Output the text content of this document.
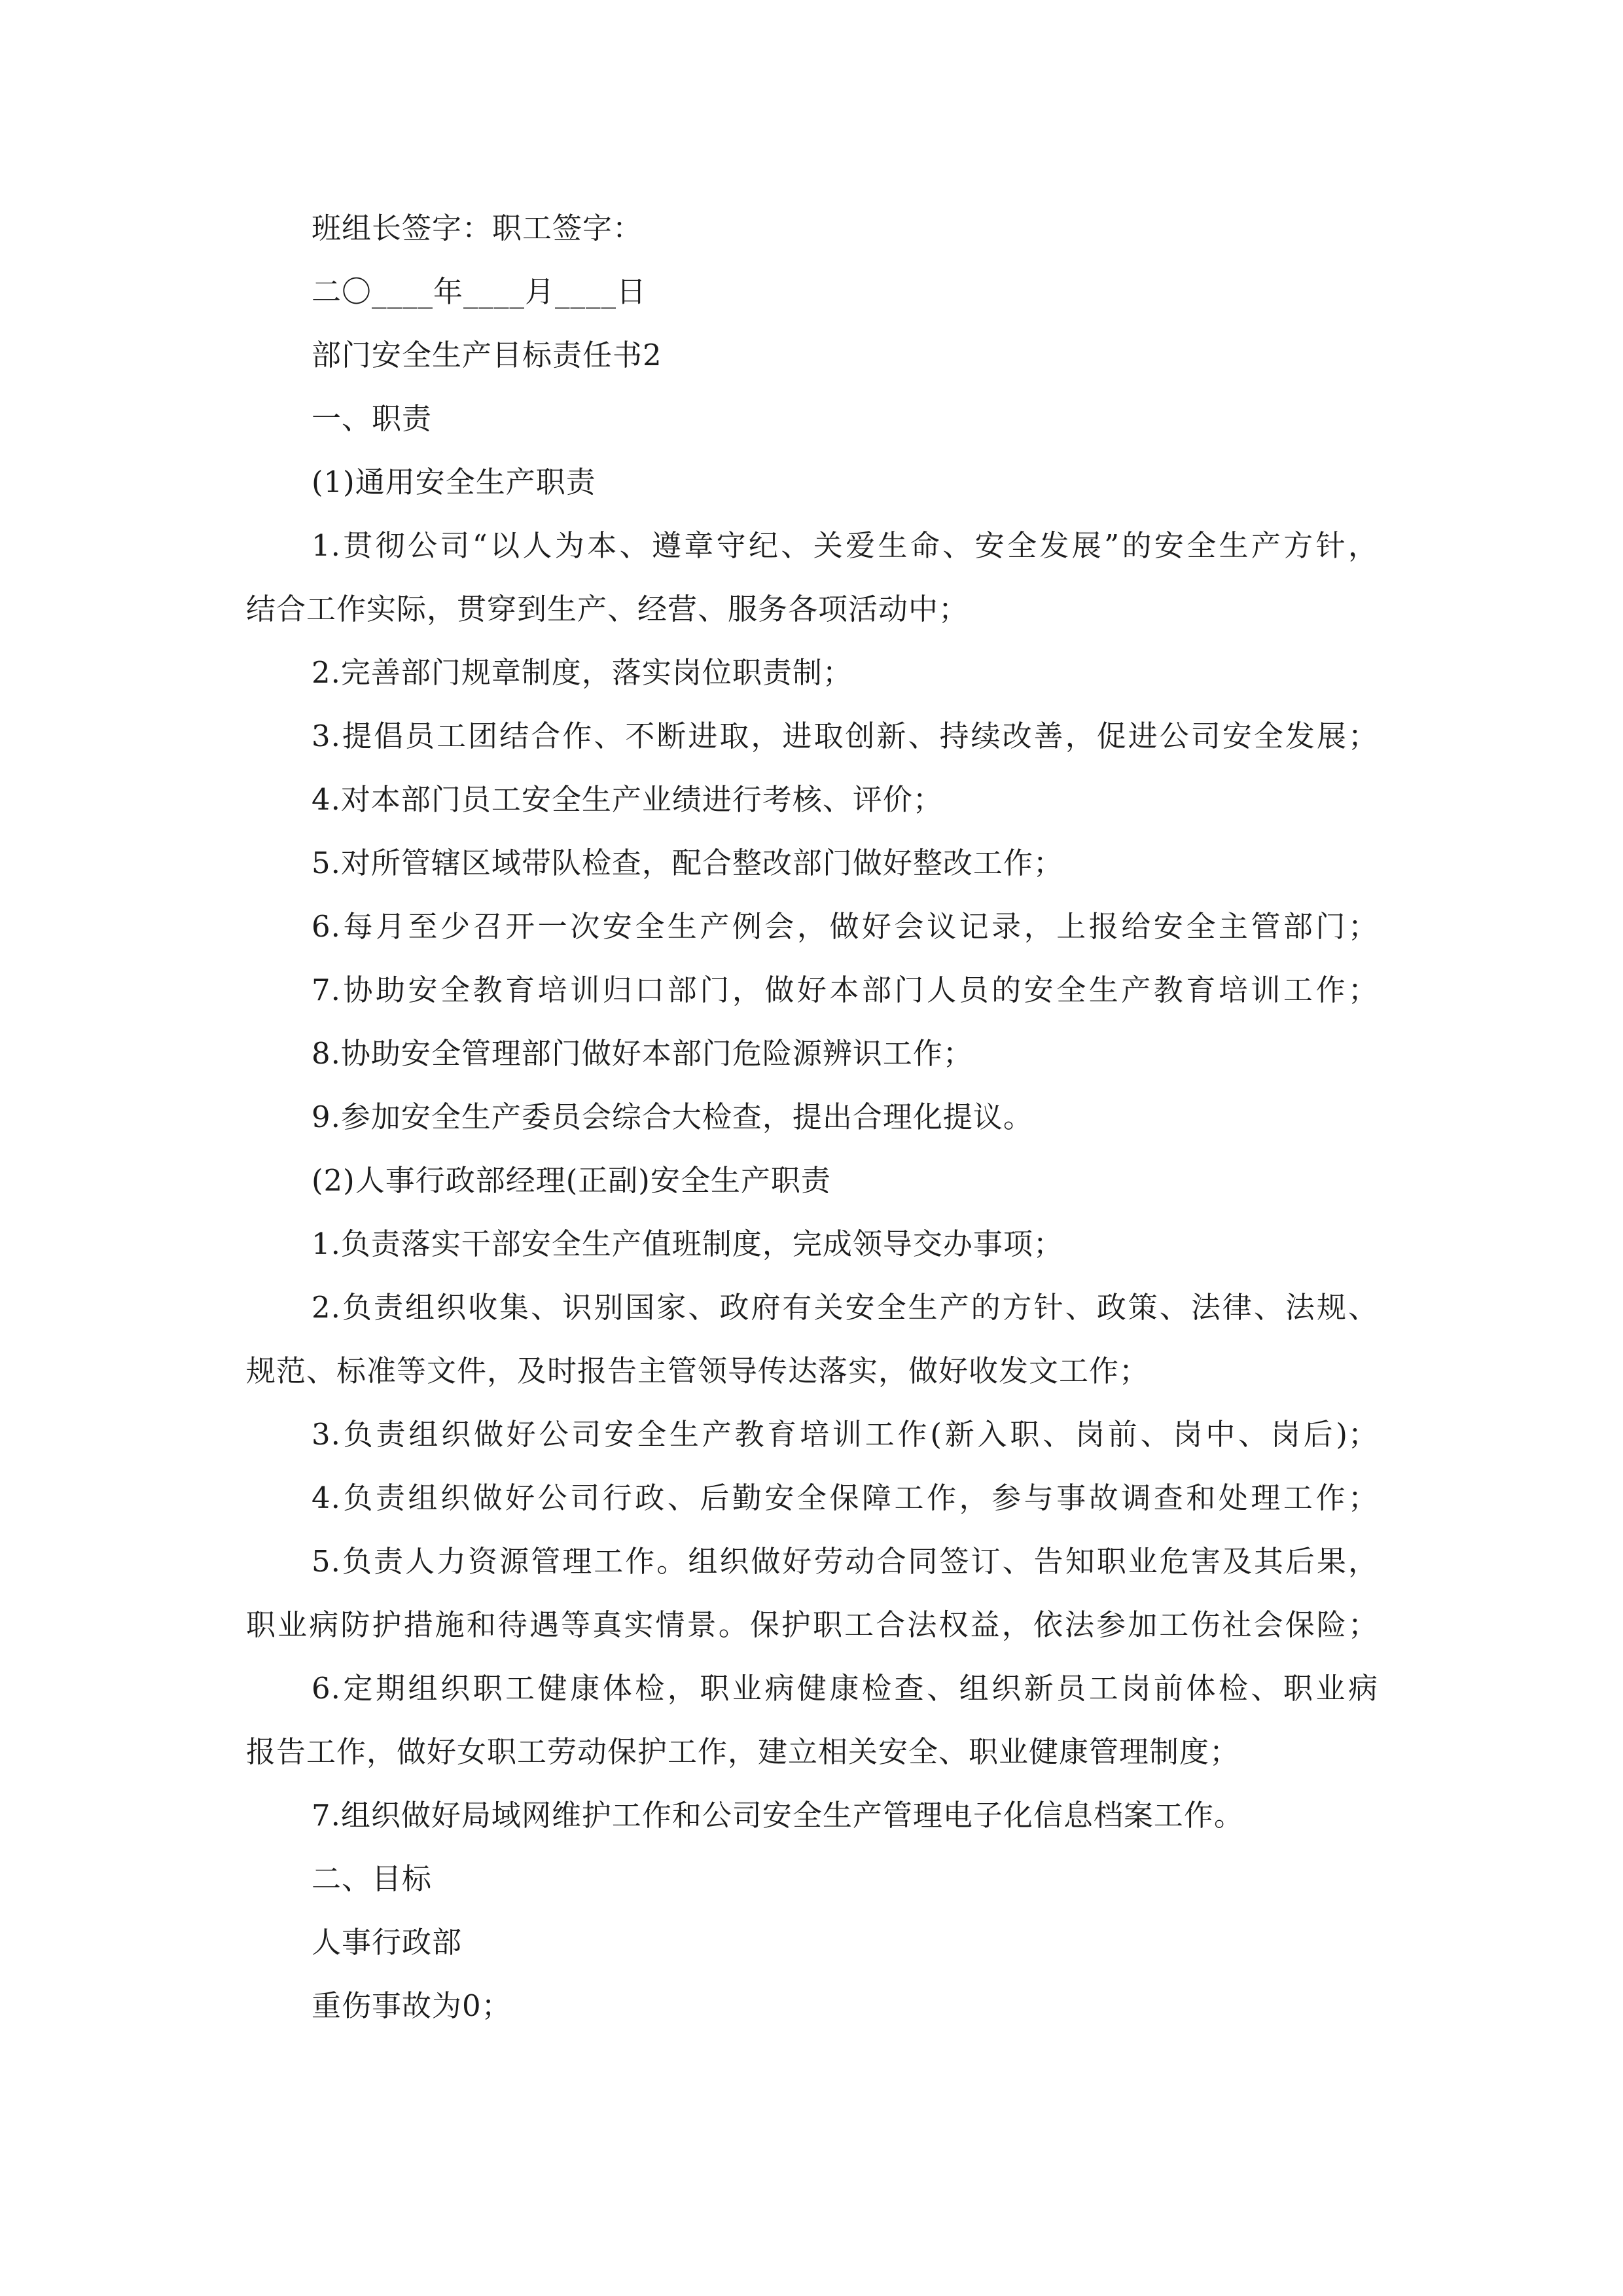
班组长签字：职工签字：
二〇____年____月____日
部门安全生产目标责任书2
一、职责
(1)通用安全生产职责
1.贯彻公司“以人为本、遵章守纪、关爱生命、安全发展”的安全生产方针，
结合工作实际，贯穿到生产、经营、服务各项活动中；
2.完善部门规章制度，落实岗位职责制；
3.提倡员工团结合作、不断进取，进取创新、持续改善，促进公司安全发展；
4.对本部门员工安全生产业绩进行考核、评价；
5.对所管辖区域带队检查，配合整改部门做好整改工作；
6.每月至少召开一次安全生产例会，做好会议记录，上报给安全主管部门；
7.协助安全教育培训归口部门，做好本部门人员的安全生产教育培训工作；
8.协助安全管理部门做好本部门危险源辨识工作；
9.参加安全生产委员会综合大检查，提出合理化提议。
(2)人事行政部经理(正副)安全生产职责
1.负责落实干部安全生产值班制度，完成领导交办事项；
2.负责组织收集、识别国家、政府有关安全生产的方针、政策、法律、法规、
规范、标准等文件，及时报告主管领导传达落实，做好收发文工作；
3.负责组织做好公司安全生产教育培训工作(新入职、岗前、岗中、岗后)；
4.负责组织做好公司行政、后勤安全保障工作，参与事故调查和处理工作；
5.负责人力资源管理工作。组织做好劳动合同签订、告知职业危害及其后果，
职业病防护措施和待遇等真实情景。保护职工合法权益，依法参加工伤社会保险；
6.定期组织职工健康体检，职业病健康检查、组织新员工岗前体检、职业病
报告工作，做好女职工劳动保护工作，建立相关安全、职业健康管理制度；
7.组织做好局域网维护工作和公司安全生产管理电子化信息档案工作。
二、目标
人事行政部
重伤事故为0；
